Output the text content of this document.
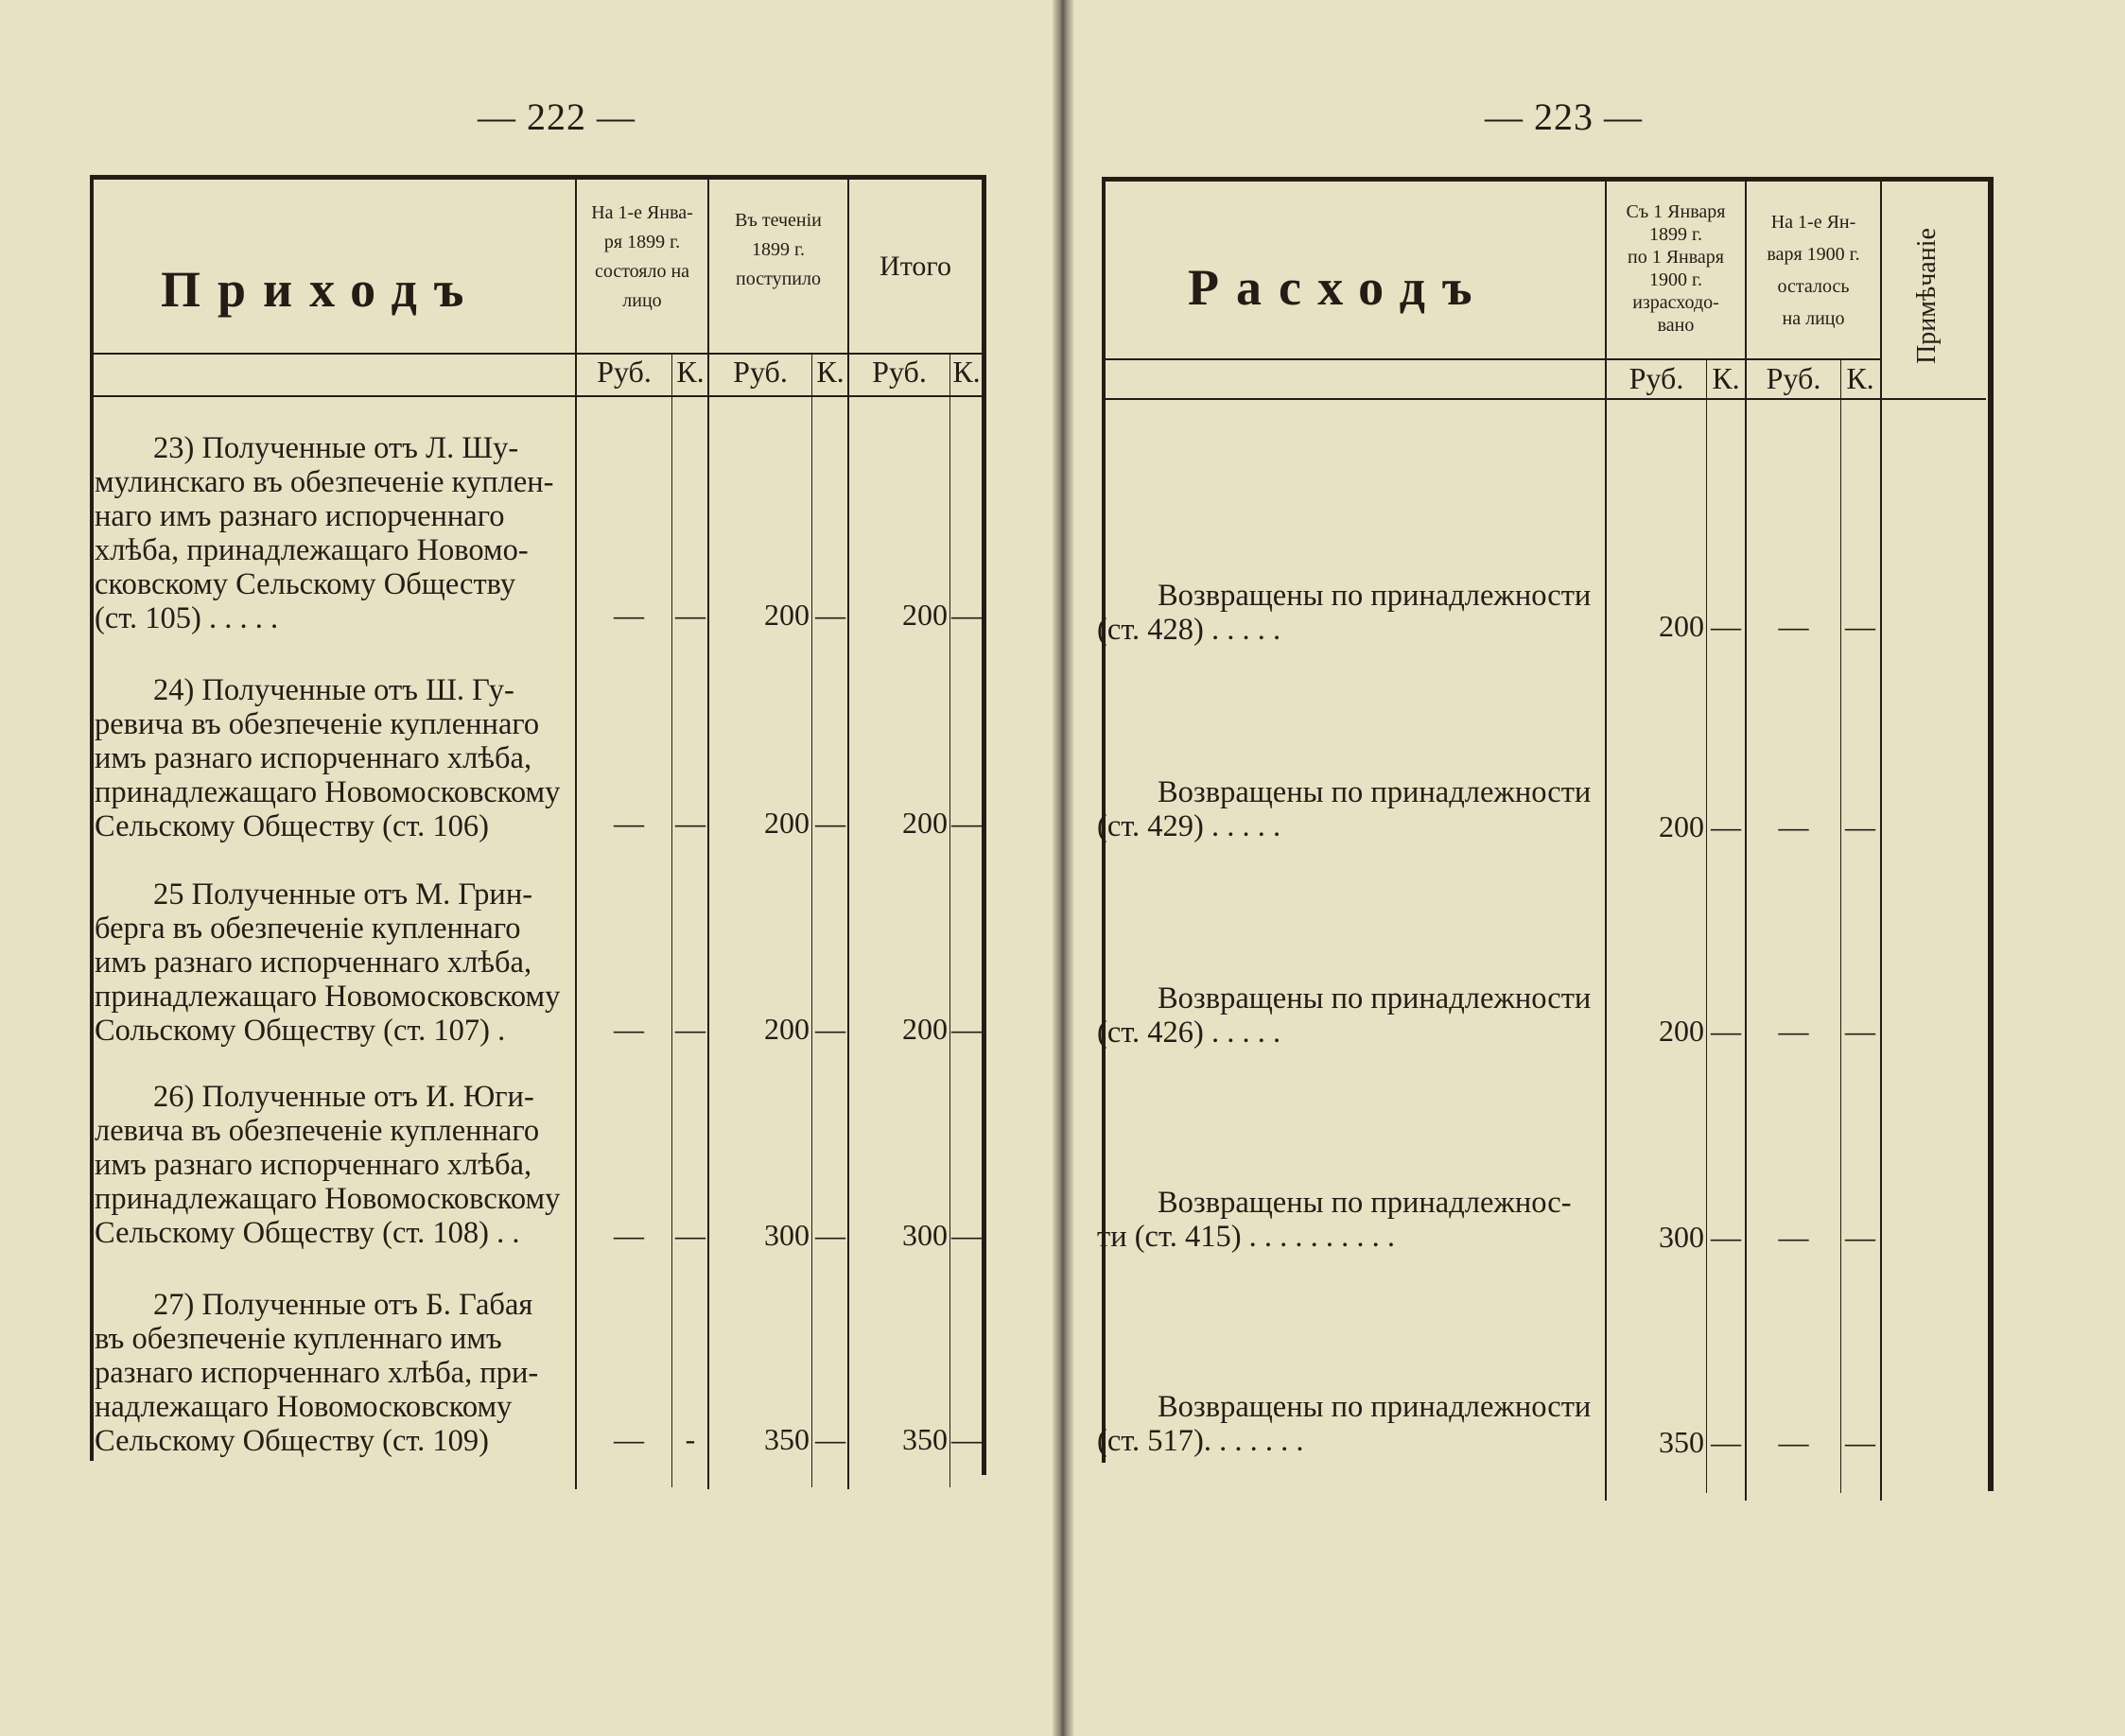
— 222 —
Приходъ
На 1-е Янва-
ря 1899 г.
состояло на
лицо
Въ теченіи
1899 г.
поступило	Итого
Руб. К. Руб. К. Руб. К.
23) Полученные отъ Л. Шу-
мулинскаго въ обезпеченіе куплен-
наго имъ разнаго испорченнаго
хлѣба, принадлежащаго Новомо-
сковскому Сельскому Обществу
(ст. 105) . . . . .	— —	200 —	200 —
24) Полученные отъ Ш. Гу-
ревича въ обезпеченіе купленнаго
имъ разнаго испорченнаго хлѣба,
принадлежащаго Новомосковскому
Сельскому Обществу (ст. 106)	— —	200 —	200 —
25 Полученные отъ М. Грин-
берга въ обезпеченіе купленнаго
имъ разнаго испорченнаго хлѣба,
принадлежащаго Новомосковскому
Сольскому Обществу (ст. 107) .	— —	200 —	200 —
26) Полученные отъ И. Юги-
левича въ обезпеченіе купленнаго
имъ разнаго испорченнаго хлѣба,
принадлежащаго Новомосковскому
Сельскому Обществу (ст. 108) . .	— —	300 —	300 —
27) Полученные отъ Б. Габая
въ обезпеченіе купленнаго имъ
разнаго испорченнаго хлѣба, при-
надлежащаго Новомосковскому
Сельскому Обществу (ст. 109)	—	-	350 —	350 —
— 223 —
Расходъ
Съ 1 Января
1899 г.
по 1 Января
1900 г.
израсходо-
вано
На 1-е Ян-
варя 1900 г.
осталось
на лицо	Примѣчаніе
Руб. К. Руб. К.
Возвращены по принадлежности
(ст. 428) . . . . .	200 —	—	—
Возвращены по принадлежности
(ст. 429) . . . . .	200 —	—	—
Возвращены по принадлежности
(ст. 426) . . . . .	200 —	—	—
Возвращены по принадлежнос-
ти (ст. 415) . . . . . . . . . .	300 —	—	—
Возвращены по принадлежности
(ст. 517). . . . . . .	350 —	—	—
